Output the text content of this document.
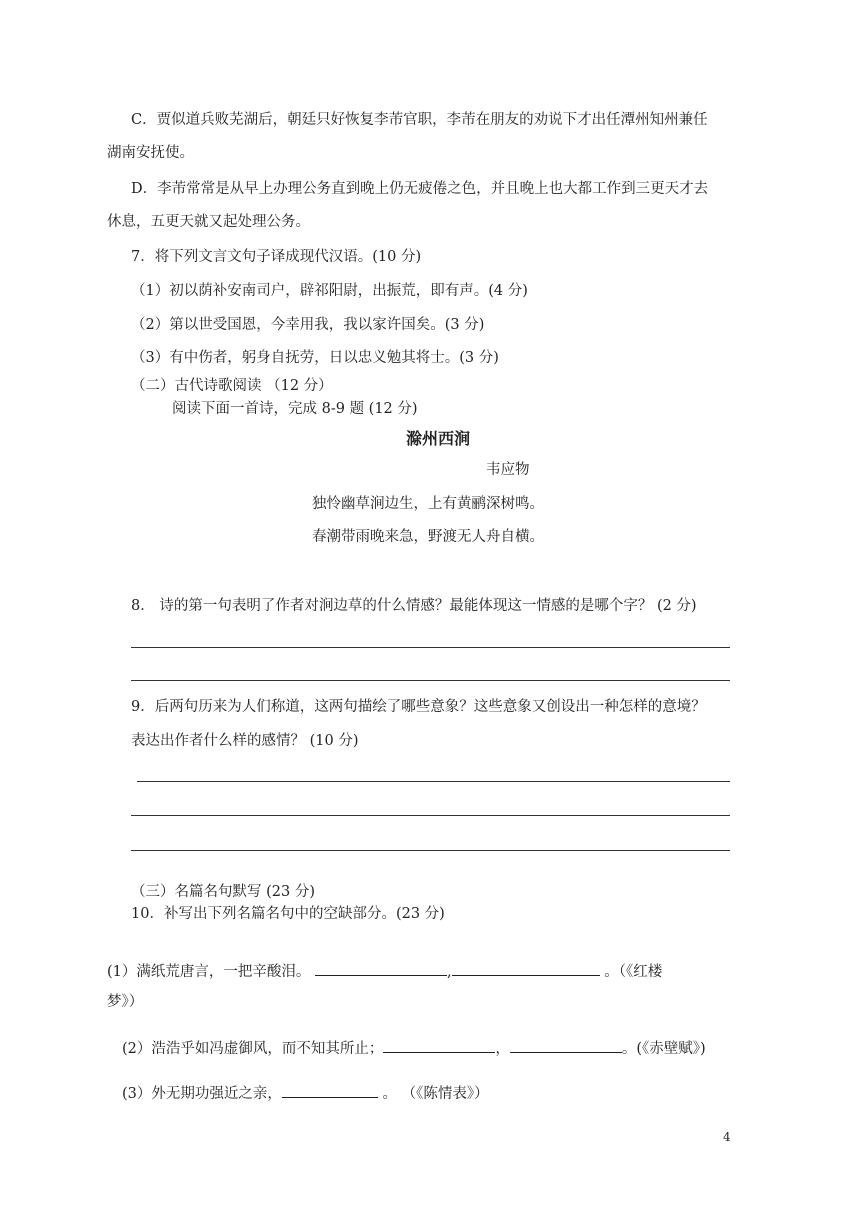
C．贾似道兵败芜湖后，朝廷只好恢复李芾官职，李芾在朋友的劝说下才出任潭州知州兼任
湖南安抚使。
D．李芾常常是从早上办理公务直到晚上仍无疲倦之色，并且晚上也大都工作到三更天才去
休息，五更天就又起处理公务。
7．将下列文言文句子译成现代汉语。(10 分)
（1）初以荫补安南司户，辟祁阳尉，出振荒，即有声。(4 分)
（2）第以世受国恩，今幸用我，我以家许国矣。(3 分)
（3）有中伤者，躬身自抚劳，日以忠义勉其将士。(3 分)
（二）古代诗歌阅读 （12 分）
阅读下面一首诗，完成 8-9 题 (12 分)
滁州西涧
韦应物
独怜幽草涧边生，上有黄鹂深树鸣。
春潮带雨晚来急，野渡无人舟自横。
8． 诗的第一句表明了作者对涧边草的什么情感？最能体现这一情感的是哪个字？ (2 分)
9．后两句历来为人们称道，这两句描绘了哪些意象？这些意象又创设出一种怎样的意境？
表达出作者什么样的感情？ (10 分)
（三）名篇名句默写 (23 分)
10．补写出下列名篇名句中的空缺部分。(23 分)
(1）满纸荒唐言，一把辛酸泪。	,	。（《红楼
梦》）
(2）浩浩乎如冯虚御风，而不知其所止；	，	。(《赤壁赋》)
(3）外无期功强近之亲，	。 （《陈情表》）
4
